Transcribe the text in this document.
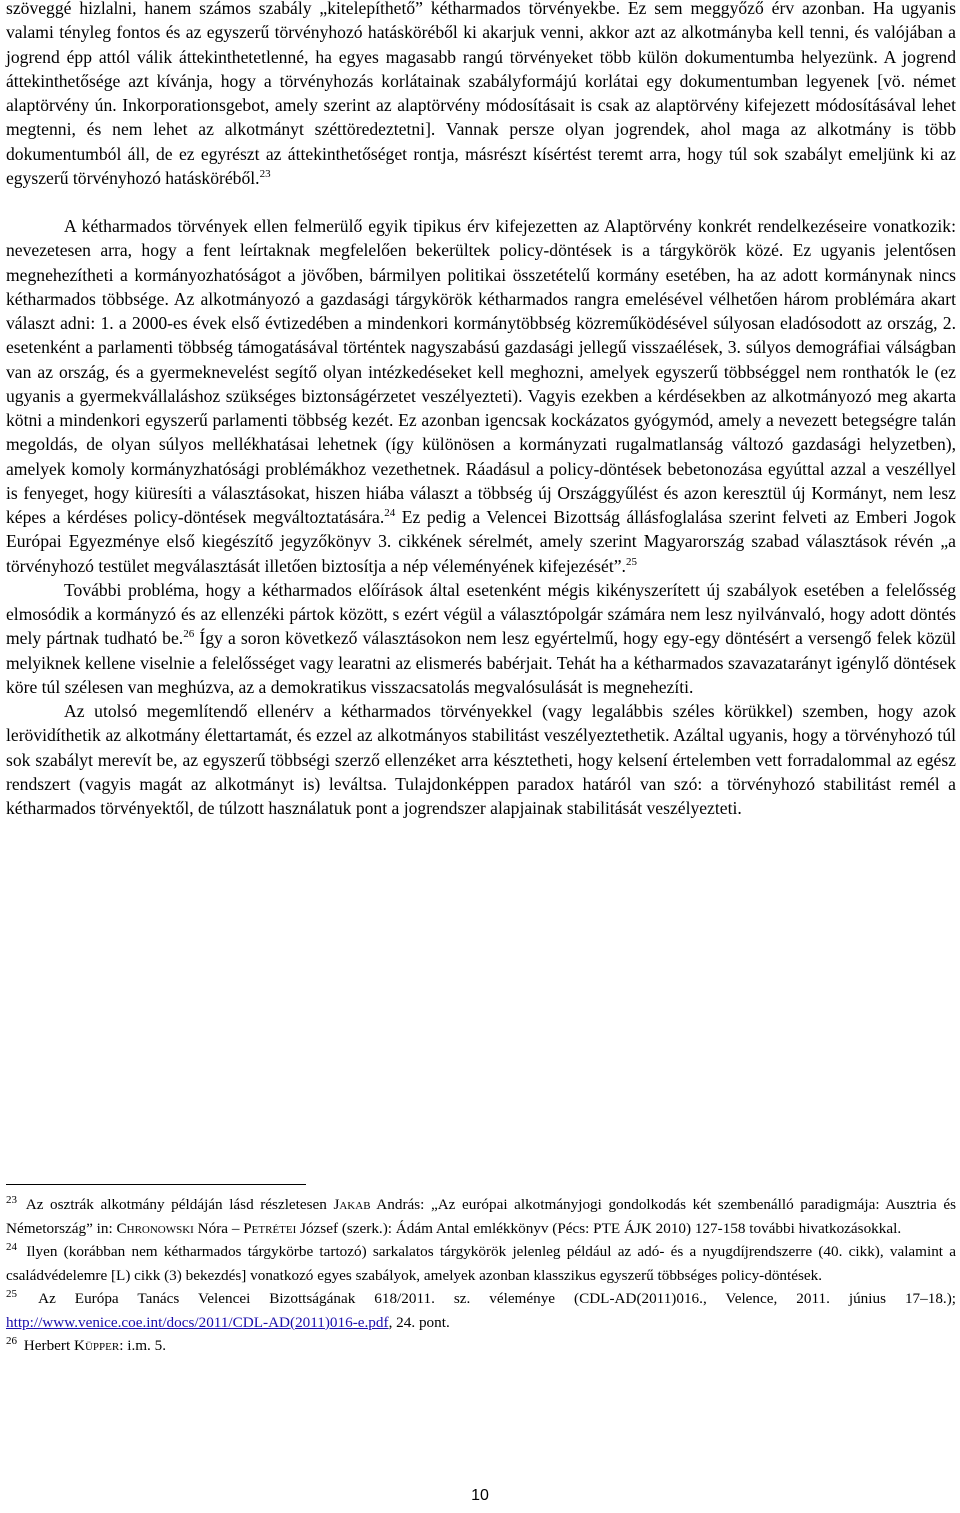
szöveggé hizlalni, hanem számos szabály „kitelepíthető” kétharmados törvényekbe. Ez sem meggyőző érv azonban. Ha ugyanis valami tényleg fontos és az egyszerű törvényhozó hatásköréből ki akarjuk venni, akkor azt az alkotmányba kell tenni, és valójában a jogrend épp attól válik áttekinthetetlenné, ha egyes magasabb rangú törvényeket több külön dokumentumba helyezünk. A jogrend áttekinthetősége azt kívánja, hogy a törvényhozás korlátainak szabályformájú korlátai egy dokumentumban legyenek [vö. német alaptörvény ún. Inkorporationsgebot, amely szerint az alaptörvény módosításait is csak az alaptörvény kifejezett módosításával lehet megtenni, és nem lehet az alkotmányt széttöredeztetni]. Vannak persze olyan jogrendek, ahol maga az alkotmány is több dokumentumból áll, de ez egyrészt az áttekinthetőséget rontja, másrészt kísértést teremt arra, hogy túl sok szabályt emeljünk ki az egyszerű törvényhozó hatásköréből.$^{23}$

A kétharmados törvények ellen felmerülő egyik tipikus érv kifejezetten az Alaptörvény konkrét rendelkezéseire vonatkozik: nevezetesen arra, hogy a fent leírtaknak megfelelően bekerültek policy-döntések is a tárgykörök közé. Ez ugyanis jelentősen megnehezítheti a kormányozhatóságot a jövőben, bármilyen politikai összetételű kormány esetében, ha az adott kormánynak nincs kétharmados többsége. Az alkotmányozó a gazdasági tárgykörök kétharmados rangra emelésével vélhetően három problémára akart választ adni: 1. a 2000-es évek első évtizedében a mindenkori kormánytöbbség közreműködésével súlyosan eladósodott az ország, 2. esetenként a parlamenti többség támogatásával történtek nagyszabású gazdasági jellegű visszaélések, 3. súlyos demográfiai válságban van az ország, és a gyermeknevelést segítő olyan intézkedéseket kell meghozni, amelyek egyszerű többséggel nem ronthatók le (ez ugyanis a gyermekvállaláshoz szükséges biztonságérzetet veszélyezteti). Vagyis ezekben a kérdésekben az alkotmányozó meg akarta kötni a mindenkori egyszerű parlamenti többség kezét. Ez azonban igencsak kockázatos gyógymód, amely a nevezett betegségre talán megoldás, de olyan súlyos mellékhatásai lehetnek (így különösen a kormányzati rugalmatlanság változó gazdasági helyzetben), amelyek komoly kormányzhatósági problémákhoz vezethetnek. Ráadásul a policy-döntések bebetonozása egyúttal azzal a veszéllyel is fenyeget, hogy kiüresíti a választásokat, hiszen hiába választ a többség új Országgyűlést és azon keresztül új Kormányt, nem lesz képes a kérdéses policy-döntések megváltoztatására.$^{24}$ Ez pedig a Velencei Bizottság állásfoglalása szerint felveti az Emberi Jogok Európai Egyezménye első kiegészítő jegyzőkönyv 3. cikkének sérelmét, amely szerint Magyarország szabad választások révén „a törvényhozó testület megválasztását illetően biztosítja a nép véleményének kifejezését”.$^{25}$

További probléma, hogy a kétharmados előírások által esetenként mégis kikényszerített új szabályok esetében a felelősség elmosódik a kormányzó és az ellenzéki pártok között, s ezért végül a választópolgár számára nem lesz nyilvánvaló, hogy adott döntés mely pártnak tudható be.$^{26}$ Így a soron következő választásokon nem lesz egyértelmű, hogy egy-egy döntésért a versengő felek közül melyiknek kellene viselnie a felelősséget vagy learatni az elismerés babérjait. Tehát ha a kétharmados szavazatarányt igénylő döntések köre túl szélesen van meghúzva, az a demokratikus visszacsatolás megvalósulását is megnehezíti.

Az utolsó megemlítendő ellenérv a kétharmados törvényekkel (vagy legalábbis széles körükkel) szemben, hogy azok lerövidíthetik az alkotmány élettartamát, és ezzel az alkotmányos stabilitást veszélyeztethetik. Azáltal ugyanis, hogy a törvényhozó túl sok szabályt merevít be, az egyszerű többségi szerző ellenzéket arra késztetheti, hogy kelsení értelemben vett forradalommal az egész rendszert (vagyis magát az alkotmányt is) leváltsa. Tulajdonképpen paradox határól van szó: a törvényhozó stabilitást remél a kétharmados törvényektől, de túlzott használatuk pont a jogrendszer alapjainak stabilitását veszélyezteti.

$^{23}$ Az osztrák alkotmány példáján lásd részletesen Jakab András: „Az európai alkotmányjogi gondolkodás két szembenálló paradigmája: Ausztria és Németország” in: Chronowski Nóra – Petrétei József (szerk.): Ádám Antal emlékkönyv (Pécs: PTE ÁJK 2010) 127-158 további hivatkozásokkal.

$^{24}$ Ilyen (korábban nem kétharmados tárgykörbe tartozó) sarkalatos tárgykörök jelenleg például az adó- és a nyugdíjrendszerre (40. cikk), valamint a családvédelemre [L) cikk (3) bekezdés] vonatkozó egyes szabályok, amelyek azonban klasszikus egyszerű többséges policy-döntések.

$^{25}$ Az Európa Tanács Velencei Bizottságának 618/2011. sz. véleménye (CDL-AD(2011)016., Velence, 2011. június 17–18.); http://www.venice.coe.int/docs/2011/CDL-AD(2011)016-e.pdf, 24. pont.

$^{26}$ Herbert Küpper: i.m. 5.

10
